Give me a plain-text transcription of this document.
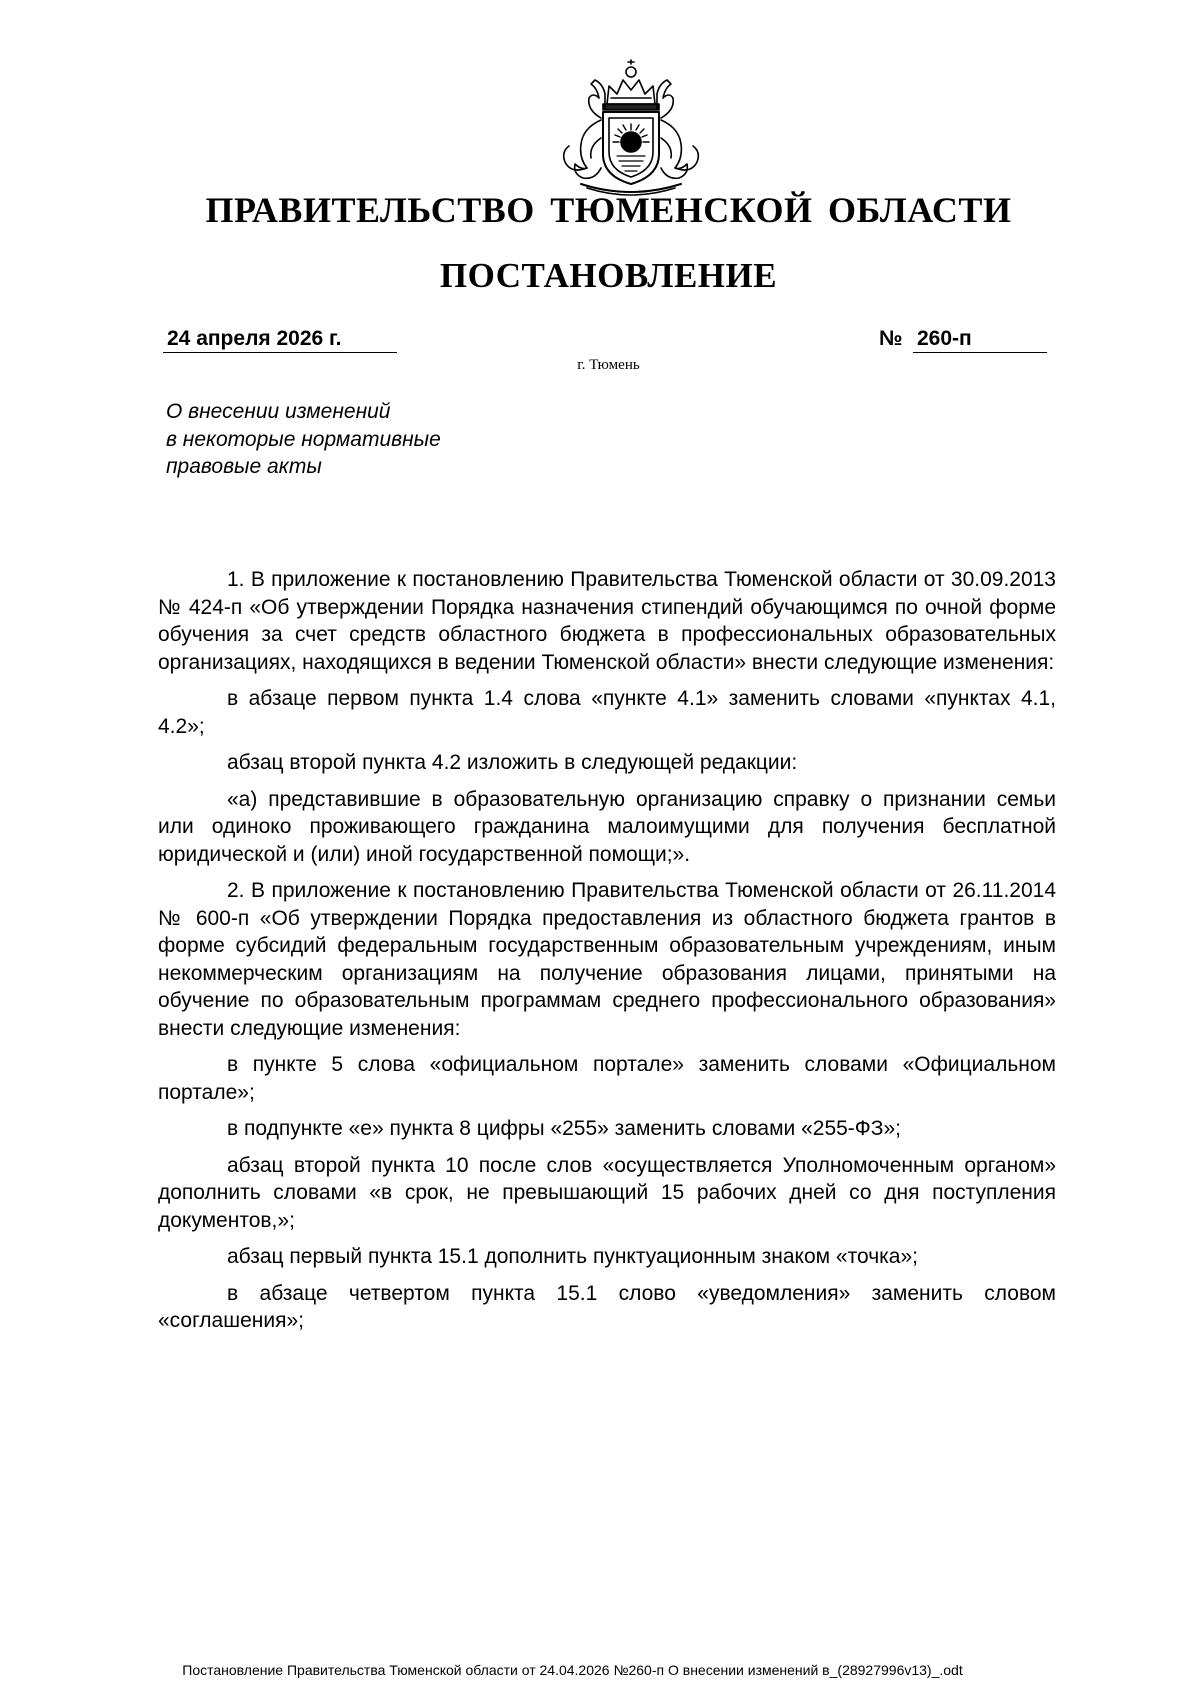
ПРАВИТЕЛЬСТВО ТЮМЕНСКОЙ ОБЛАСТИ
ПОСТАНОВЛЕНИЕ
24 апреля 2026 г.	№ 260-п
г. Тюмень
О внесении изменений
в некоторые нормативные
правовые акты

1. В приложение к постановлению Правительства Тюменской области от 30.09.2013 № 424-п «Об утверждении Порядка назначения стипендий обучающимся по очной форме обучения за счет средств областного бюджета в профессиональных образовательных организациях, находящихся в ведении Тюменской области» внести следующие изменения:

в абзаце первом пункта 1.4 слова «пункте 4.1» заменить словами «пунктах 4.1, 4.2»;

абзац второй пункта 4.2 изложить в следующей редакции:

«а) представившие в образовательную организацию справку о признании семьи или одиноко проживающего гражданина малоимущими для получения бесплатной юридической и (или) иной государственной помощи;».

2. В приложение к постановлению Правительства Тюменской области от 26.11.2014 № 600-п «Об утверждении Порядка предоставления из областного бюджета грантов в форме субсидий федеральным государственным образовательным учреждениям, иным некоммерческим организациям на получение образования лицами, принятыми на обучение по образовательным программам среднего профессионального образования» внести следующие изменения:

в пункте 5 слова «официальном портале» заменить словами «Официальном портале»;

в подпункте «е» пункта 8 цифры «255» заменить словами «255-ФЗ»;

абзац второй пункта 10 после слов «осуществляется Уполномоченным органом» дополнить словами «в срок, не превышающий 15 рабочих дней со дня поступления документов,»;

абзац первый пункта 15.1 дополнить пунктуационным знаком «точка»;

в абзаце четвертом пункта 15.1 слово «уведомления» заменить словом «соглашения»;

Постановление Правительства Тюменской области от 24.04.2026 №260-п О внесении изменений в_(28927996v13)_.odt
